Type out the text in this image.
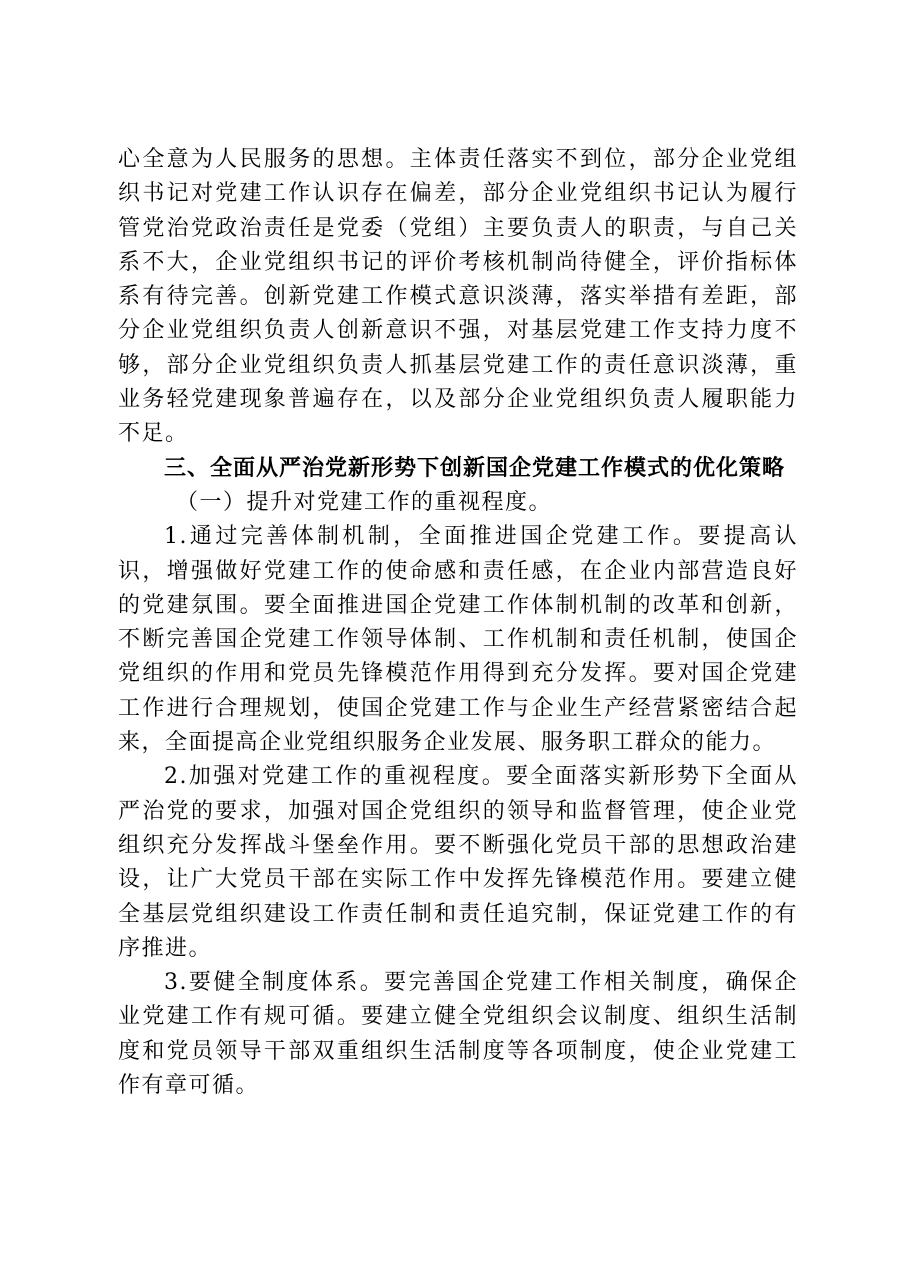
心全意为人民服务的思想。主体责任落实不到位，部分企业党组织书记对党建工作认识存在偏差，部分企业党组织书记认为履行管党治党政治责任是党委（党组）主要负责人的职责，与自己关系不大，企业党组织书记的评价考核机制尚待健全，评价指标体系有待完善。创新党建工作模式意识淡薄，落实举措有差距，部分企业党组织负责人创新意识不强，对基层党建工作支持力度不够，部分企业党组织负责人抓基层党建工作的责任意识淡薄，重业务轻党建现象普遍存在，以及部分企业党组织负责人履职能力不足。

三、全面从严治党新形势下创新国企党建工作模式的优化策略

（一）提升对党建工作的重视程度。

1.通过完善体制机制，全面推进国企党建工作。要提高认识，增强做好党建工作的使命感和责任感，在企业内部营造良好的党建氛围。要全面推进国企党建工作体制机制的改革和创新，不断完善国企党建工作领导体制、工作机制和责任机制，使国企党组织的作用和党员先锋模范作用得到充分发挥。要对国企党建工作进行合理规划，使国企党建工作与企业生产经营紧密结合起来，全面提高企业党组织服务企业发展、服务职工群众的能力。

2.加强对党建工作的重视程度。要全面落实新形势下全面从严治党的要求，加强对国企党组织的领导和监督管理，使企业党组织充分发挥战斗堡垒作用。要不断强化党员干部的思想政治建设，让广大党员干部在实际工作中发挥先锋模范作用。要建立健全基层党组织建设工作责任制和责任追究制，保证党建工作的有序推进。

3.要健全制度体系。要完善国企党建工作相关制度，确保企业党建工作有规可循。要建立健全党组织会议制度、组织生活制度和党员领导干部双重组织生活制度等各项制度，使企业党建工作有章可循。
